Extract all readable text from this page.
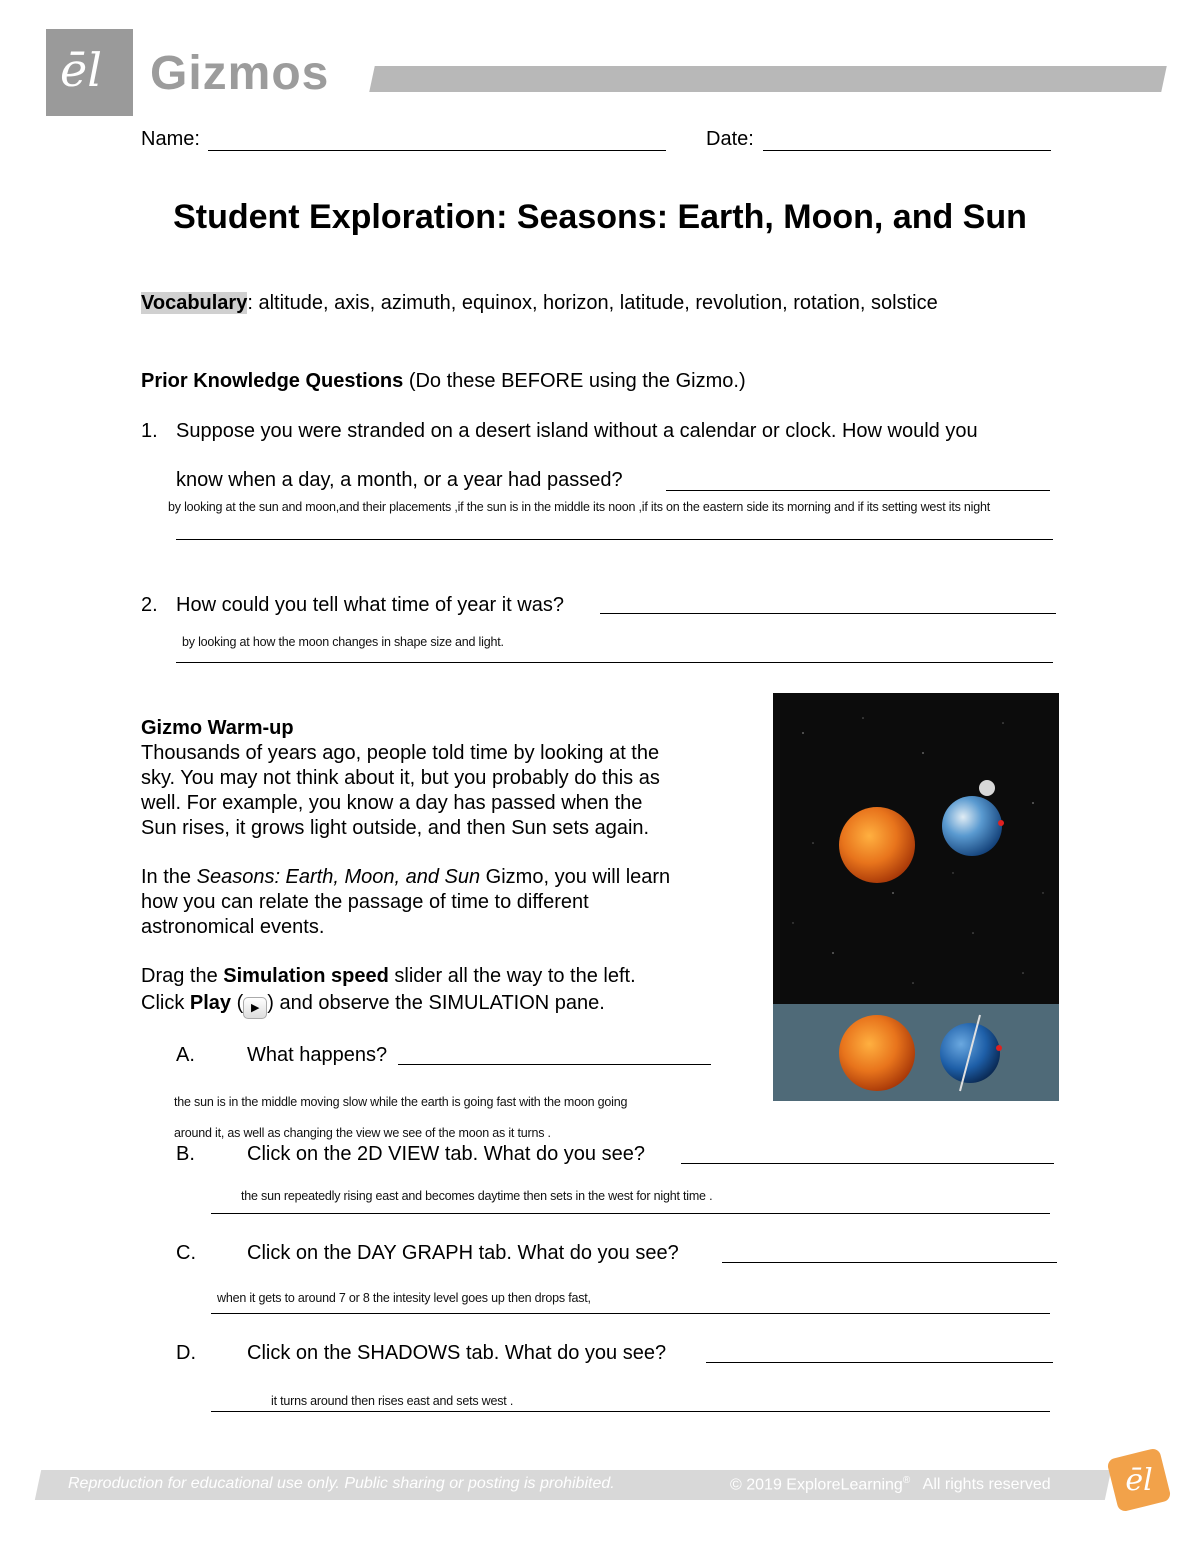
ēl Gizmos
Name:	Date:
Student Exploration: Seasons: Earth, Moon, and Sun
Vocabulary: altitude, axis, azimuth, equinox, horizon, latitude, revolution, rotation, solstice
Prior Knowledge Questions (Do these BEFORE using the Gizmo.)
1. Suppose you were stranded on a desert island without a calendar or clock. How would you
know when a day, a month, or a year had passed?
by looking at the sun and moon,and their placements ,if the sun is in the middle its noon ,if its on the eastern side its morning and if its setting west its night
2. How could you tell what time of year it was?
by looking at how the moon changes in shape size and light.
Gizmo Warm-up
Thousands of years ago, people told time by looking at the
sky. You may not think about it, but you probably do this as
well. For example, you know a day has passed when the
Sun rises, it grows light outside, and then Sun sets again.
In the Seasons: Earth, Moon, and Sun Gizmo, you will learn
how you can relate the passage of time to different
astronomical events.
Drag the Simulation speed slider all the way to the left.
Click Play ( ▶ ) and observe the SIMULATION pane.
A.	What happens?
the sun is in the middle moving slow while the earth is going fast with the moon going
around it, as well as changing the view we see of the moon as it turns .
B.	Click on the 2D VIEW tab. What do you see?
the sun repeatedly rising east and becomes daytime then sets in the west for night time .
C.	Click on the DAY GRAPH tab. What do you see?
when it gets to around 7 or 8 the intesity level goes up then drops fast,
D.	Click on the SHADOWS tab. What do you see?
it turns around then rises east and sets west .
Reproduction for educational use only. Public sharing or posting is prohibited.	© 2019 ExploreLearning® All rights reserved ēl
